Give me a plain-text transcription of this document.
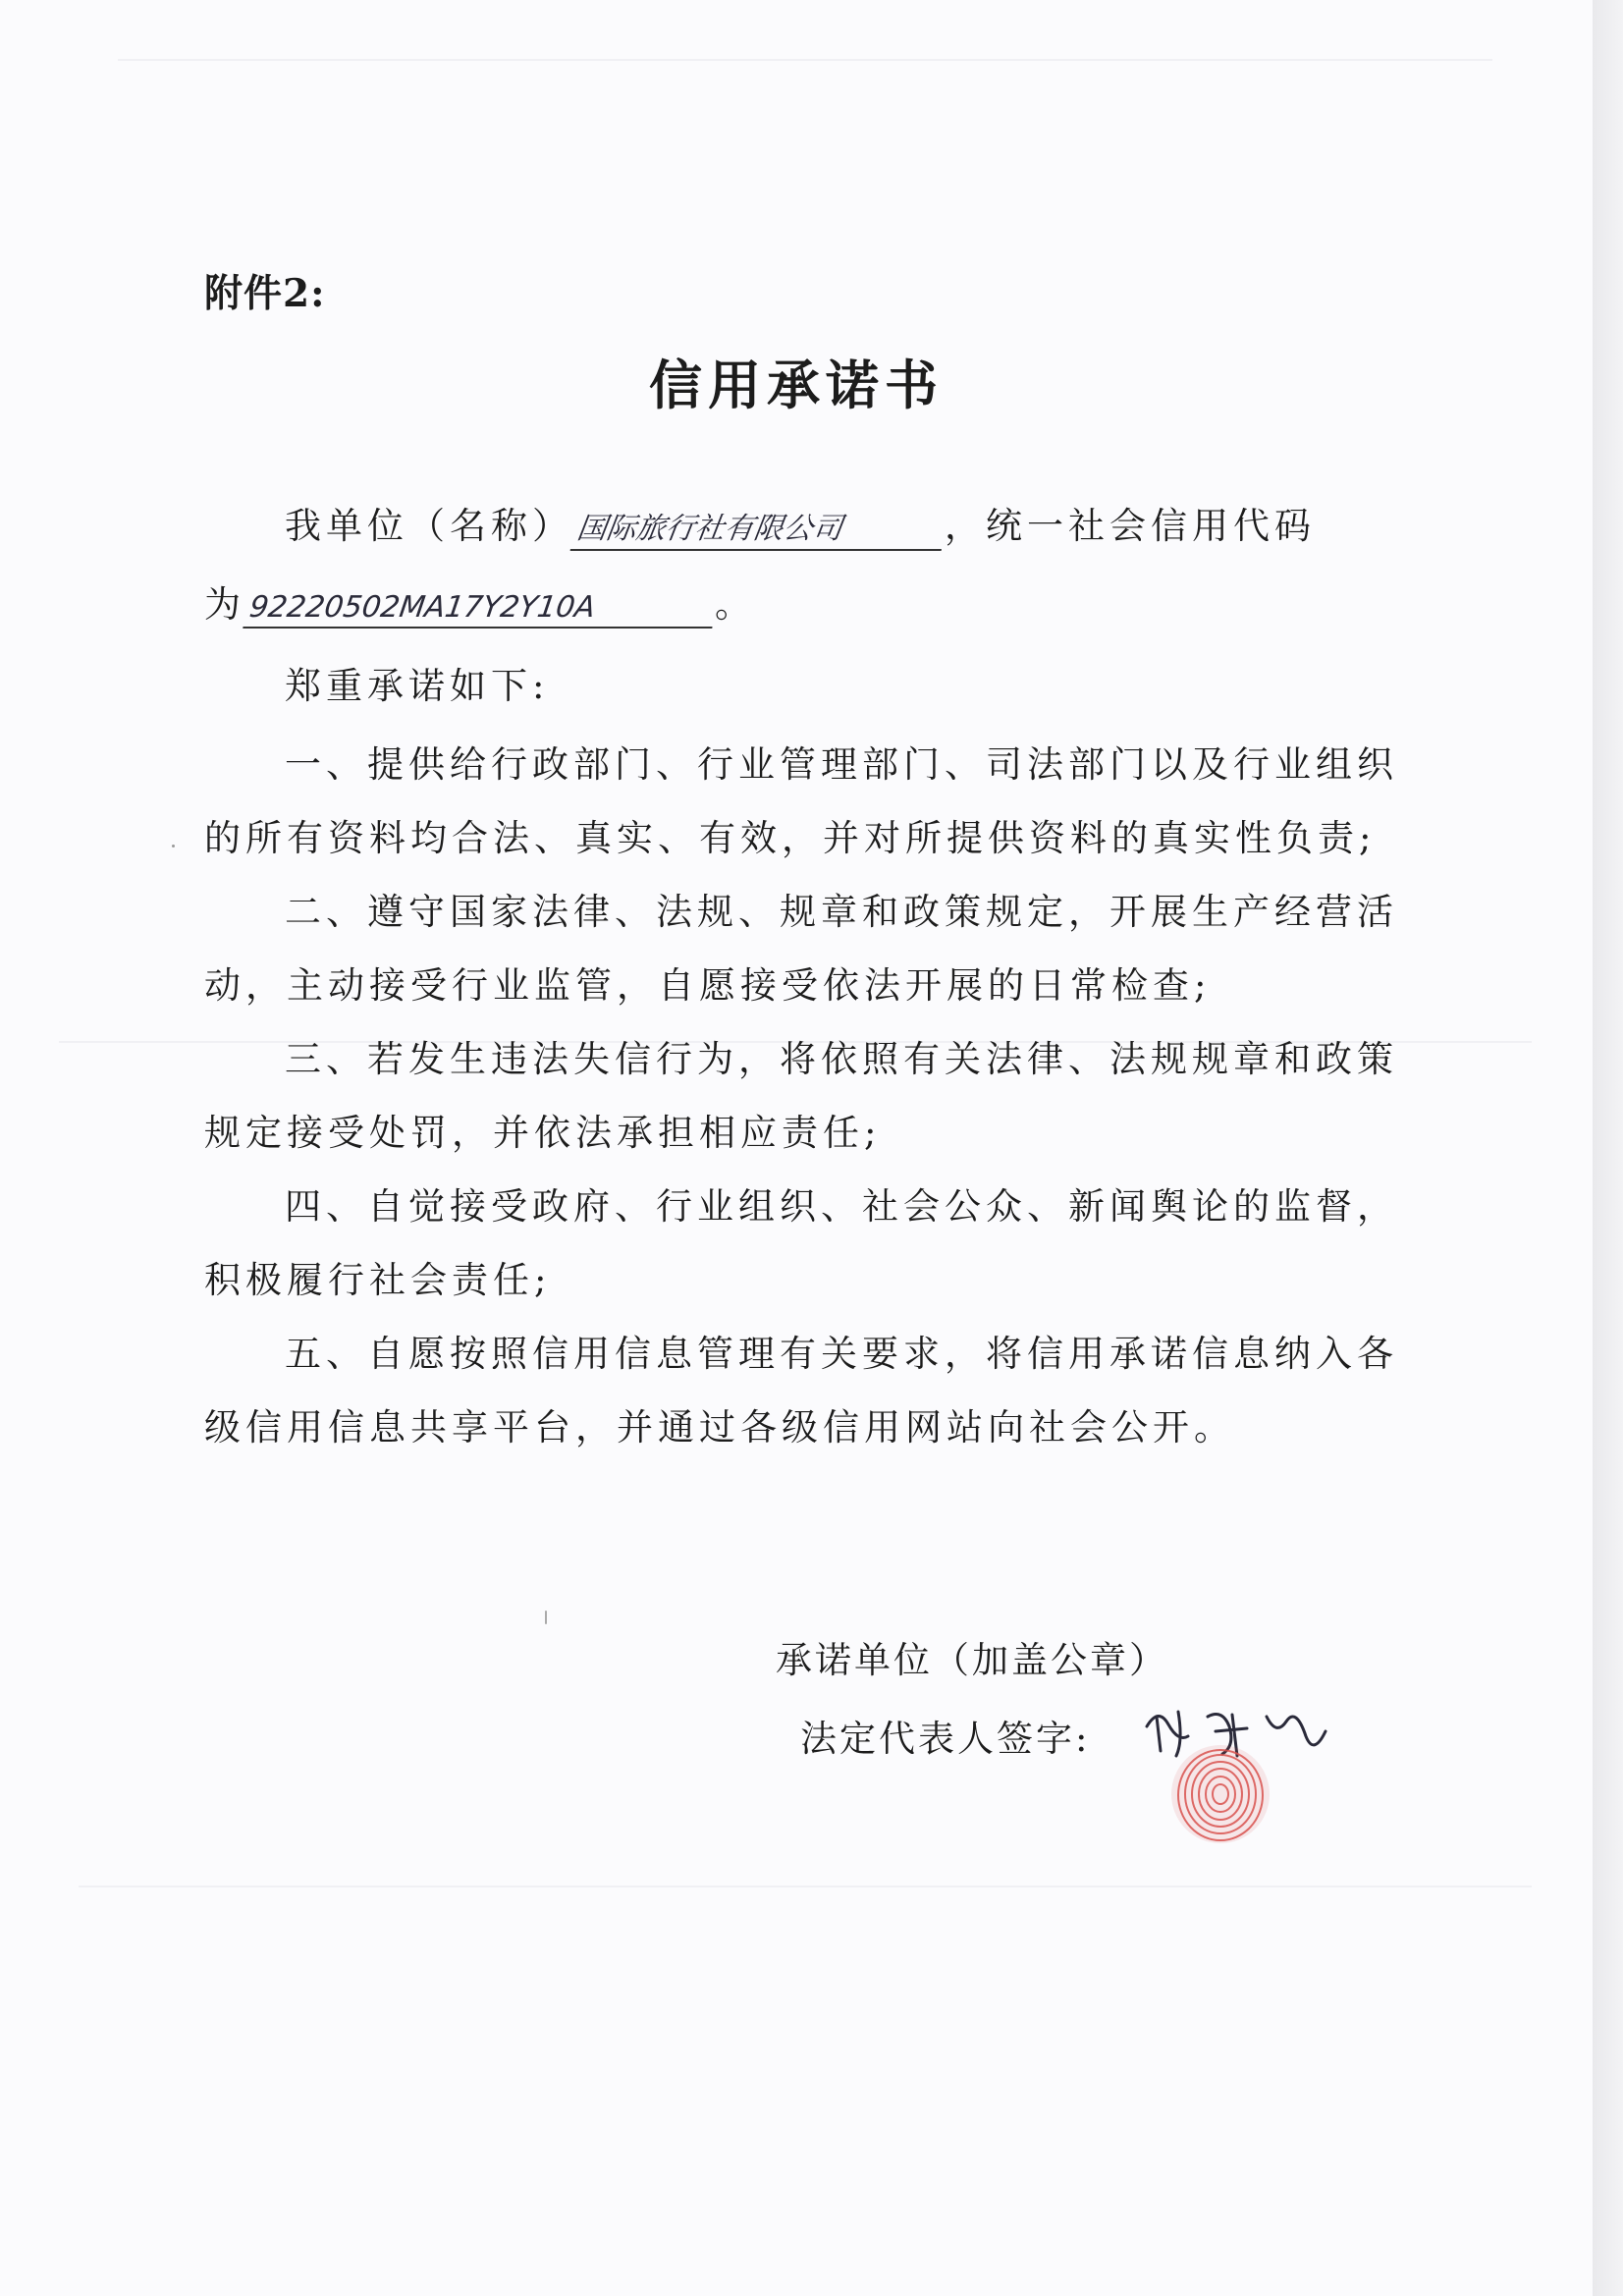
附件2:
信用承诺书
我单位（名称）国际旅行社有限公司	，统一社会信用代码
为92220502MA17Y2Y10A	。
郑重承诺如下:
一、提供给行政部门、行业管理部门、司法部门以及行业组织
的所有资料均合法、真实、有效，并对所提供资料的真实性负责;
二、遵守国家法律、法规、规章和政策规定，开展生产经营活
动，主动接受行业监管，自愿接受依法开展的日常检查;
三、若发生违法失信行为，将依照有关法律、法规规章和政策
规定接受处罚，并依法承担相应责任;
四、自觉接受政府、行业组织、社会公众、新闻舆论的监督，
积极履行社会责任;
五、自愿按照信用信息管理有关要求，将信用承诺信息纳入各
级信用信息共享平台，并通过各级信用网站向社会公开。
承诺单位（加盖公章）
法定代表人签字:
